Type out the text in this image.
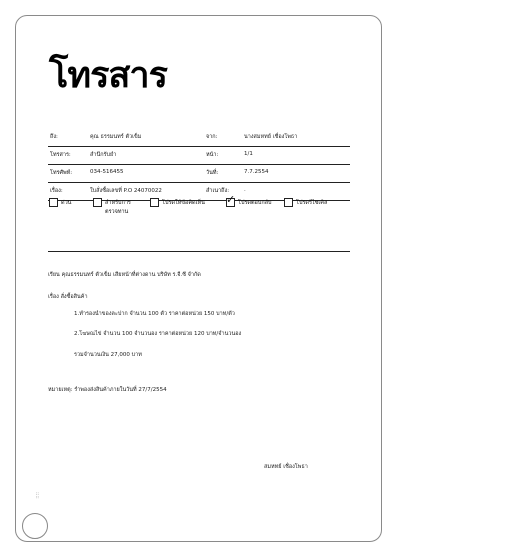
โทรสาร
ถึง:	คุณ ธรรมนทร์ ตัวเข็ม	จาก:	นางสมหทย์ เชื่องโพธา
โทรสาร:	สำนึกรับยำ	หน้า:	1/1
โทรศัพท์:	034-516455	วันที่:	7.7.2554
เรื่อง:	ใบสั่งซื้อเลขที่ P.O 24070022	สำเนาถึง:	.
ด่วน	สำหรับการ ตรวจทาน
โปรดให้ข้อคิดเห็น ✓ โปรดตอบกลับ	โปรดรีไซเคิล
เรียน คุณธรรมนทร์ ตัวเข็ม เสียหน้าที่ต่างดาน บริษัท ร.จี.ซี จำกัด
เรื่อง สั่งซื้อสินค้า
1.ทำรองนำของละปาก จำนวน 100 ตัว ราคาต่อหน่วย 150 บาท/ตัว
2.โฆษณไข่ จำนวน 100 จำนวนอง ราคาต่อหน่วย 120 บาท/จำนวนอง
รวมจำนวนเงิน 27,000 บาท
หมายเหตุ: รำพองส่งสินค้าภายในวันที่ 27/7/2554
สมหทย์ เชื่องโพธา
::::
